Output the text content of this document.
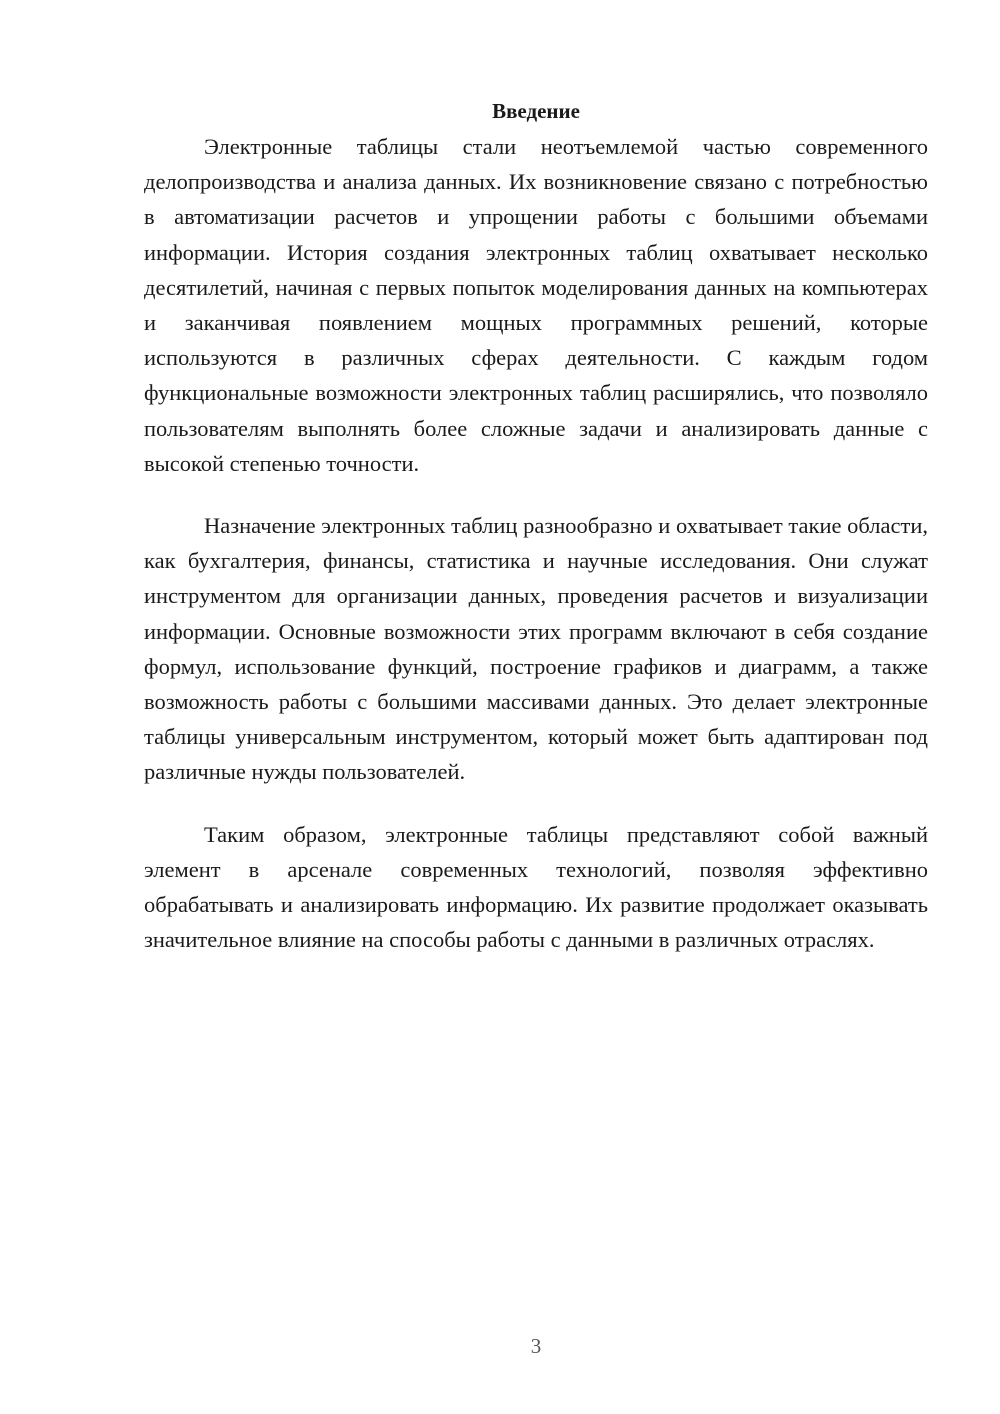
Введение

Электронные таблицы стали неотъемлемой частью современного делопроизводства и анализа данных. Их возникновение связано с потребностью в автоматизации расчетов и упрощении работы с большими объемами информации. История создания электронных таблиц охватывает несколько десятилетий, начиная с первых попыток моделирования данных на компьютерах и заканчивая появлением мощных программных решений, которые используются в различных сферах деятельности. С каждым годом функциональные возможности электронных таблиц расширялись, что позволяло пользователям выполнять более сложные задачи и анализировать данные с высокой степенью точности.

Назначение электронных таблиц разнообразно и охватывает такие области, как бухгалтерия, финансы, статистика и научные исследования. Они служат инструментом для организации данных, проведения расчетов и визуализации информации. Основные возможности этих программ включают в себя создание формул, использование функций, построение графиков и диаграмм, а также возможность работы с большими массивами данных. Это делает электронные таблицы универсальным инструментом, который может быть адаптирован под различные нужды пользователей.

Таким образом, электронные таблицы представляют собой важный элемент в арсенале современных технологий, позволяя эффективно обрабатывать и анализировать информацию. Их развитие продолжает оказывать значительное влияние на способы работы с данными в различных отраслях.

3
